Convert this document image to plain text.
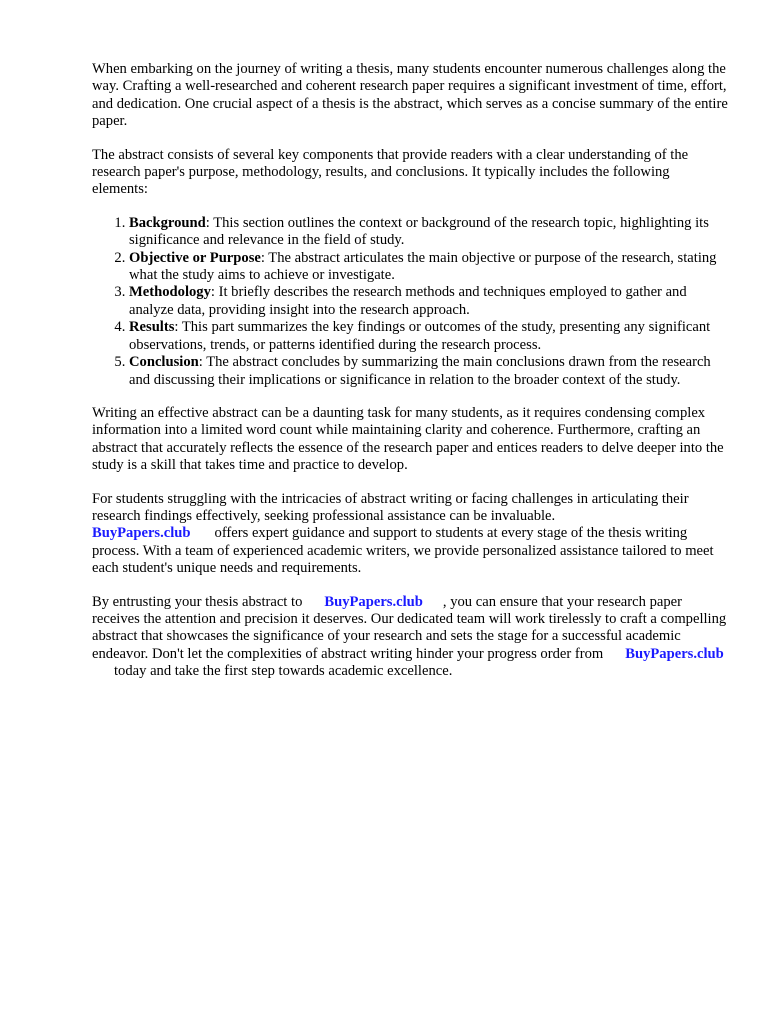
When embarking on the journey of writing a thesis, many students encounter numerous challenges along the way. Crafting a well-researched and coherent research paper requires a significant investment of time, effort, and dedication. One crucial aspect of a thesis is the abstract, which serves as a concise summary of the entire paper.

The abstract consists of several key components that provide readers with a clear understanding of the research paper's purpose, methodology, results, and conclusions. It typically includes the following elements:

1. Background: This section outlines the context or background of the research topic, highlighting its significance and relevance in the field of study.
2. Objective or Purpose: The abstract articulates the main objective or purpose of the research, stating what the study aims to achieve or investigate.
3. Methodology: It briefly describes the research methods and techniques employed to gather and analyze data, providing insight into the research approach.
4. Results: This part summarizes the key findings or outcomes of the study, presenting any significant observations, trends, or patterns identified during the research process.
5. Conclusion: The abstract concludes by summarizing the main conclusions drawn from the research and discussing their implications or significance in relation to the broader context of the study.

Writing an effective abstract can be a daunting task for many students, as it requires condensing complex information into a limited word count while maintaining clarity and coherence. Furthermore, crafting an abstract that accurately reflects the essence of the research paper and entices readers to delve deeper into the study is a skill that takes time and practice to develop.

For students struggling with the intricacies of abstract writing or facing challenges in articulating their research findings effectively, seeking professional assistance can be invaluable.
BuyPapers.club offers expert guidance and support to students at every stage of the thesis writing process. With a team of experienced academic writers, we provide personalized assistance tailored to meet each student's unique needs and requirements.

By entrusting your thesis abstract to BuyPapers.club , you can ensure that your research paper receives the attention and precision it deserves. Our dedicated team will work tirelessly to craft a compelling abstract that showcases the significance of your research and sets the stage for a successful academic endeavor. Don't let the complexities of abstract writing hinder your progress order from BuyPapers.clubtoday and take the first step towards academic excellence.
